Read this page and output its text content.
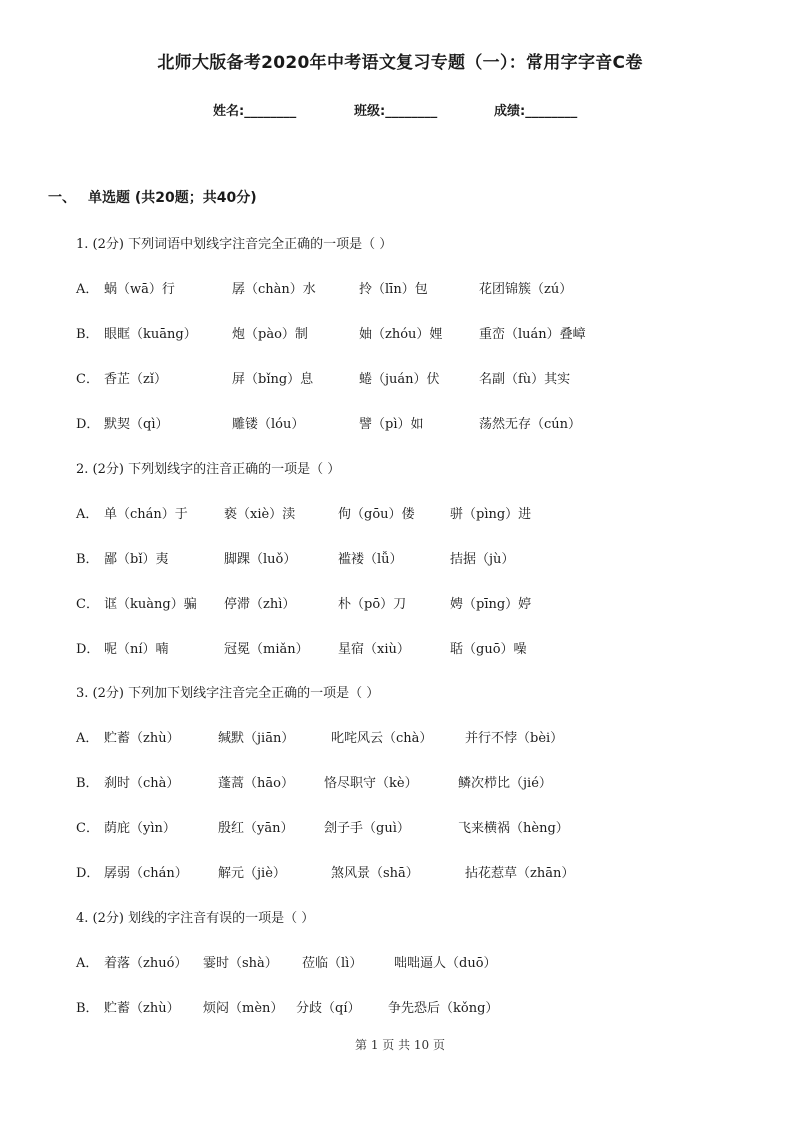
北师大版备考2020年中考语文复习专题（一）：常用字字音C卷
姓名:________	班级:________	成绩:________
一、 单选题 (共20题；共40分)
1. (2分) 下列词语中划线字注音完全正确的一项是（ ）
A． 蜗（wā）行	孱（chàn）水	拎（līn）包	花团锦簇（zú）
B． 眼眶（kuāng）	炮（pào）制	妯（zhóu）娌	重峦（luán）叠嶂
C． 香芷（zǐ）	屏（bǐng）息	蜷（juán）伏	名副（fù）其实
D． 默契（qì）	雕镂（lóu）	譬（pì）如	荡然无存（cún）
2. (2分) 下列划线字的注音正确的一项是（ ）
A． 单（chán）于	亵（xiè）渎	佝（gōu）偻	骈（pìng）进
B． 鄙（bǐ）夷	脚踝（luǒ）	褴褛（lǚ）	拮据（jù）
C． 诓（kuàng）骗 停滞（zhì）	朴（pō）刀	娉（pīng）婷
D． 呢（ní）喃	冠冕（miǎn） 星宿（xiù）	聒（guō）噪
3. (2分) 下列加下划线字注音完全正确的一项是（ ）
A． 贮蓄（zhù）	缄默（jiān）	叱咤风云（chà）	并行不悖（bèi）
B． 刹时（chà）	蓬蒿（hāo） 恪尽职守（kè）	鳞次栉比（jié）
C． 荫庇（yìn）	殷红（yān） 刽子手（guì）	飞来横祸（hèng）
D． 孱弱（chán） 解元（jiè）	煞风景（shā）	拈花惹草（zhān）
4. (2分) 划线的字注音有误的一项是（ ）
A． 着落（zhuó） 霎时（shà） 莅临（lì） 咄咄逼人（duō）
B． 贮蓄（zhù） 烦闷（mèn） 分歧（qí） 争先恐后（kǒng）
第 1 页 共 10 页
